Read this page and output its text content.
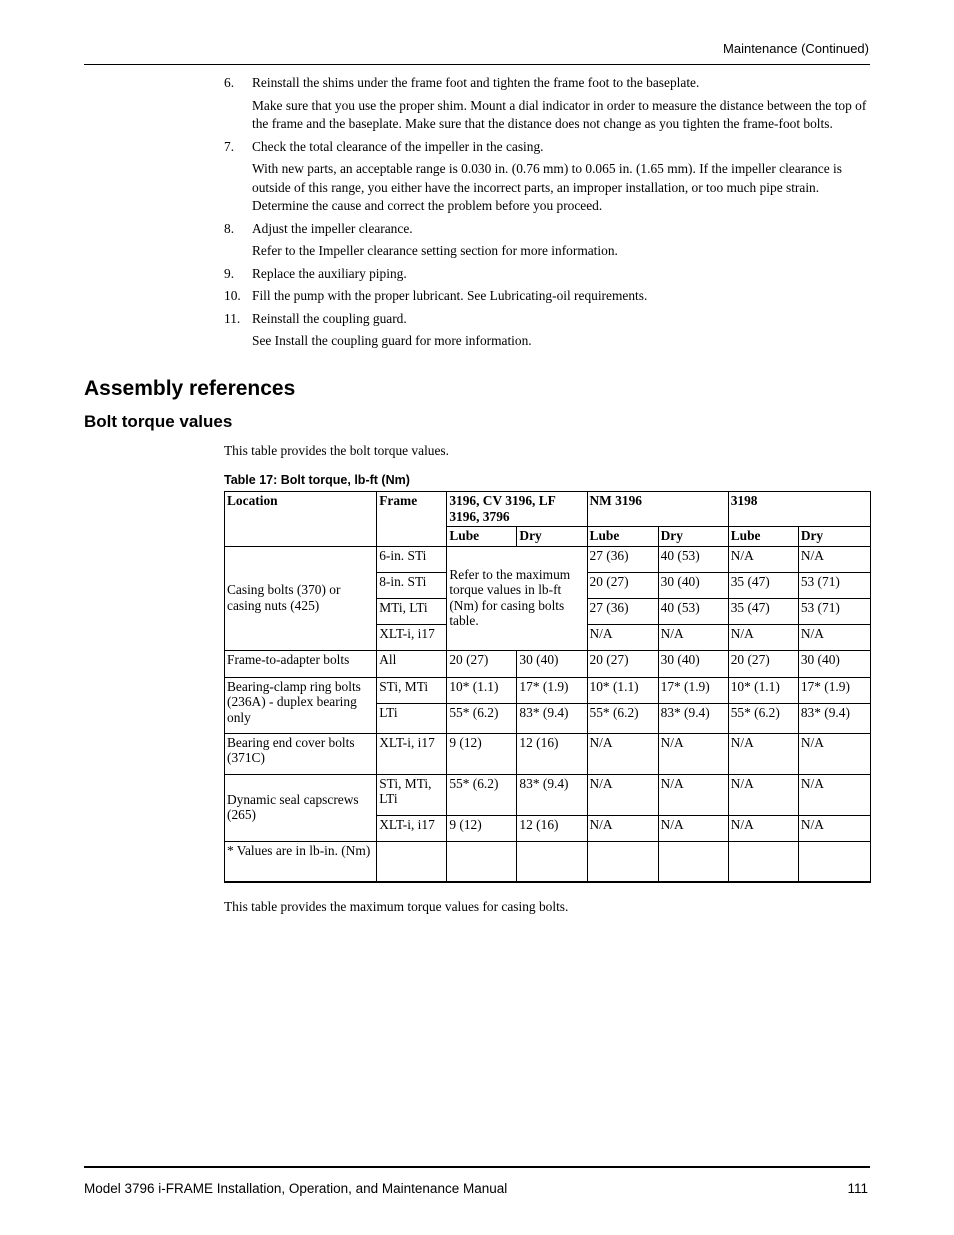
Maintenance (Continued)
6. Reinstall the shims under the frame foot and tighten the frame foot to the baseplate.

Make sure that you use the proper shim. Mount a dial indicator in order to measure the distance between the top of the frame and the baseplate. Make sure that the distance does not change as you tighten the frame-foot bolts.

7. Check the total clearance of the impeller in the casing.

With new parts, an acceptable range is 0.030 in. (0.76 mm) to 0.065 in. (1.65 mm). If the impeller clearance is outside of this range, you either have the incorrect parts, an improper installation, or too much pipe strain. Determine the cause and correct the problem before you proceed.

8. Adjust the impeller clearance.

Refer to the Impeller clearance setting section for more information.

9. Replace the auxiliary piping.

10. Fill the pump with the proper lubricant. See Lubricating-oil requirements.

11. Reinstall the coupling guard.

See Install the coupling guard for more information.

Assembly references
Bolt torque values

This table provides the bolt torque values.

Table 17: Bolt torque, lb-ft (Nm)

Location	Frame	3196, CV 3196, LF 3196, 3796		NM 3196		3198	
		Lube	Dry	Lube	Dry	Lube	Dry
Casing bolts (370) or casing nuts (425)	6-in. STi	Refer to the maximum torque values in lb-ft (Nm) for casing bolts table.		27 (36)	40 (53)	N/A	N/A
	8-in. STi			20 (27)	30 (40)	35 (47)	53 (71)
	MTi, LTi			27 (36)	40 (53)	35 (47)	53 (71)
	XLT-i, i17			N/A	N/A	N/A	N/A
Frame-to-adapter bolts	All	20 (27)	30 (40)	20 (27)	30 (40)	20 (27)	30 (40)
Bearing-clamp ring bolts (236A) - duplex bearing only	STi, MTi	10* (1.1)	17* (1.9)	10* (1.1)	17* (1.9)	10* (1.1)	17* (1.9)
	LTi	55* (6.2)	83* (9.4)	55* (6.2)	83* (9.4)	55* (6.2)	83* (9.4)
Bearing end cover bolts (371C)	XLT-i, i17	9 (12)	12 (16)	N/A	N/A	N/A	N/A
Dynamic seal capscrews (265)	STi, MTi, LTi	55* (6.2)	83* (9.4)	N/A	N/A	N/A	N/A
	XLT-i, i17	9 (12)	12 (16)	N/A	N/A	N/A	N/A
* Values are in lb-in. (Nm)							

This table provides the maximum torque values for casing bolts.

Model 3796 i-FRAME Installation, Operation, and Maintenance Manual	111
